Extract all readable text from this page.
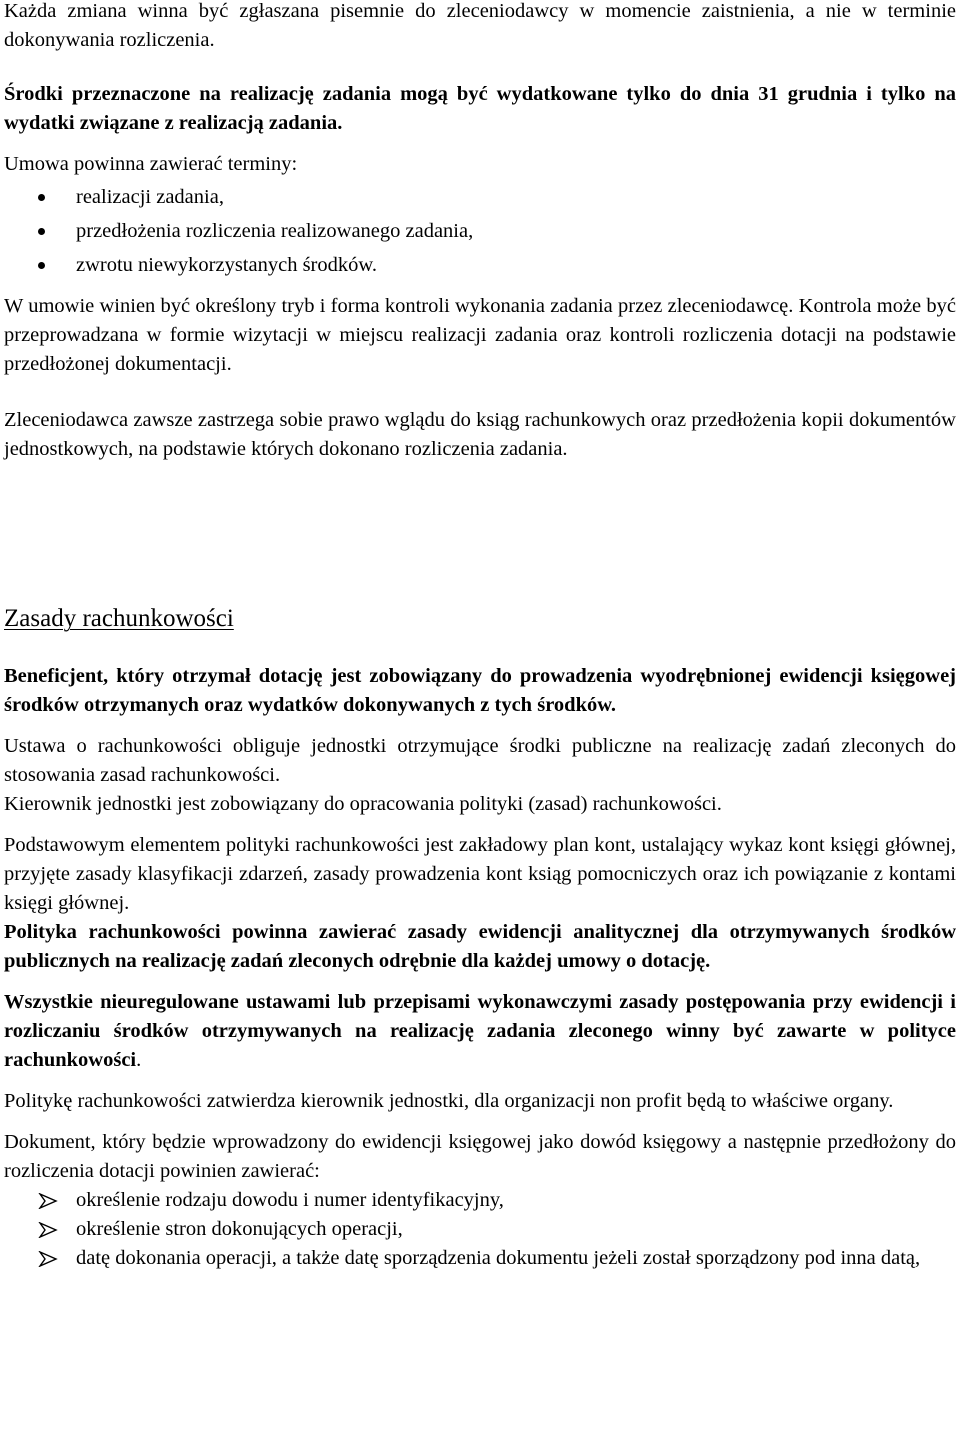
Każda zmiana winna być zgłaszana pisemnie do zleceniodawcy w momencie zaistnienia, a nie w terminie dokonywania rozliczenia.

Środki przeznaczone na realizację zadania mogą być wydatkowane tylko do dnia 31 grudnia i tylko na wydatki związane z realizacją zadania.

Umowa powinna zawierać terminy:

realizacji zadania,
przedłożenia rozliczenia realizowanego zadania,
zwrotu niewykorzystanych środków.

W umowie winien być określony tryb i forma kontroli wykonania zadania przez zleceniodawcę. Kontrola może być przeprowadzana w formie wizytacji w miejscu realizacji zadania oraz kontroli rozliczenia dotacji na podstawie przedłożonej dokumentacji.

Zleceniodawca zawsze zastrzega sobie prawo wglądu do ksiąg rachunkowych oraz przedłożenia kopii dokumentów jednostkowych, na podstawie których dokonano rozliczenia zadania.

Zasady rachunkowości

Beneficjent, który otrzymał dotację jest zobowiązany do prowadzenia wyodrębnionej ewidencji księgowej środków otrzymanych oraz wydatków dokonywanych z tych środków.

Ustawa o rachunkowości obliguje jednostki otrzymujące środki publiczne na realizację zadań zleconych do stosowania zasad rachunkowości.

Kierownik jednostki jest zobowiązany do opracowania polityki (zasad) rachunkowości.

Podstawowym elementem polityki rachunkowości jest zakładowy plan kont, ustalający wykaz kont księgi głównej, przyjęte zasady klasyfikacji zdarzeń, zasady prowadzenia kont ksiąg pomocniczych oraz ich powiązanie z kontami księgi głównej.

Polityka rachunkowości powinna zawierać zasady ewidencji analitycznej dla otrzymywanych środków publicznych na realizację zadań zleconych odrębnie dla każdej umowy o dotację.

Wszystkie nieuregulowane ustawami lub przepisami wykonawczymi zasady postępowania przy ewidencji i rozliczaniu środków otrzymywanych na realizację zadania zleconego winny być zawarte w polityce rachunkowości.

Politykę rachunkowości zatwierdza kierownik jednostki, dla organizacji non profit będą to właściwe organy.

Dokument, który będzie wprowadzony do ewidencji księgowej jako dowód księgowy a następnie przedłożony do rozliczenia dotacji powinien zawierać:

określenie rodzaju dowodu i numer identyfikacyjny,
określenie stron dokonujących operacji,
datę dokonania operacji, a także datę sporządzenia dokumentu jeżeli został sporządzony pod inna datą,
